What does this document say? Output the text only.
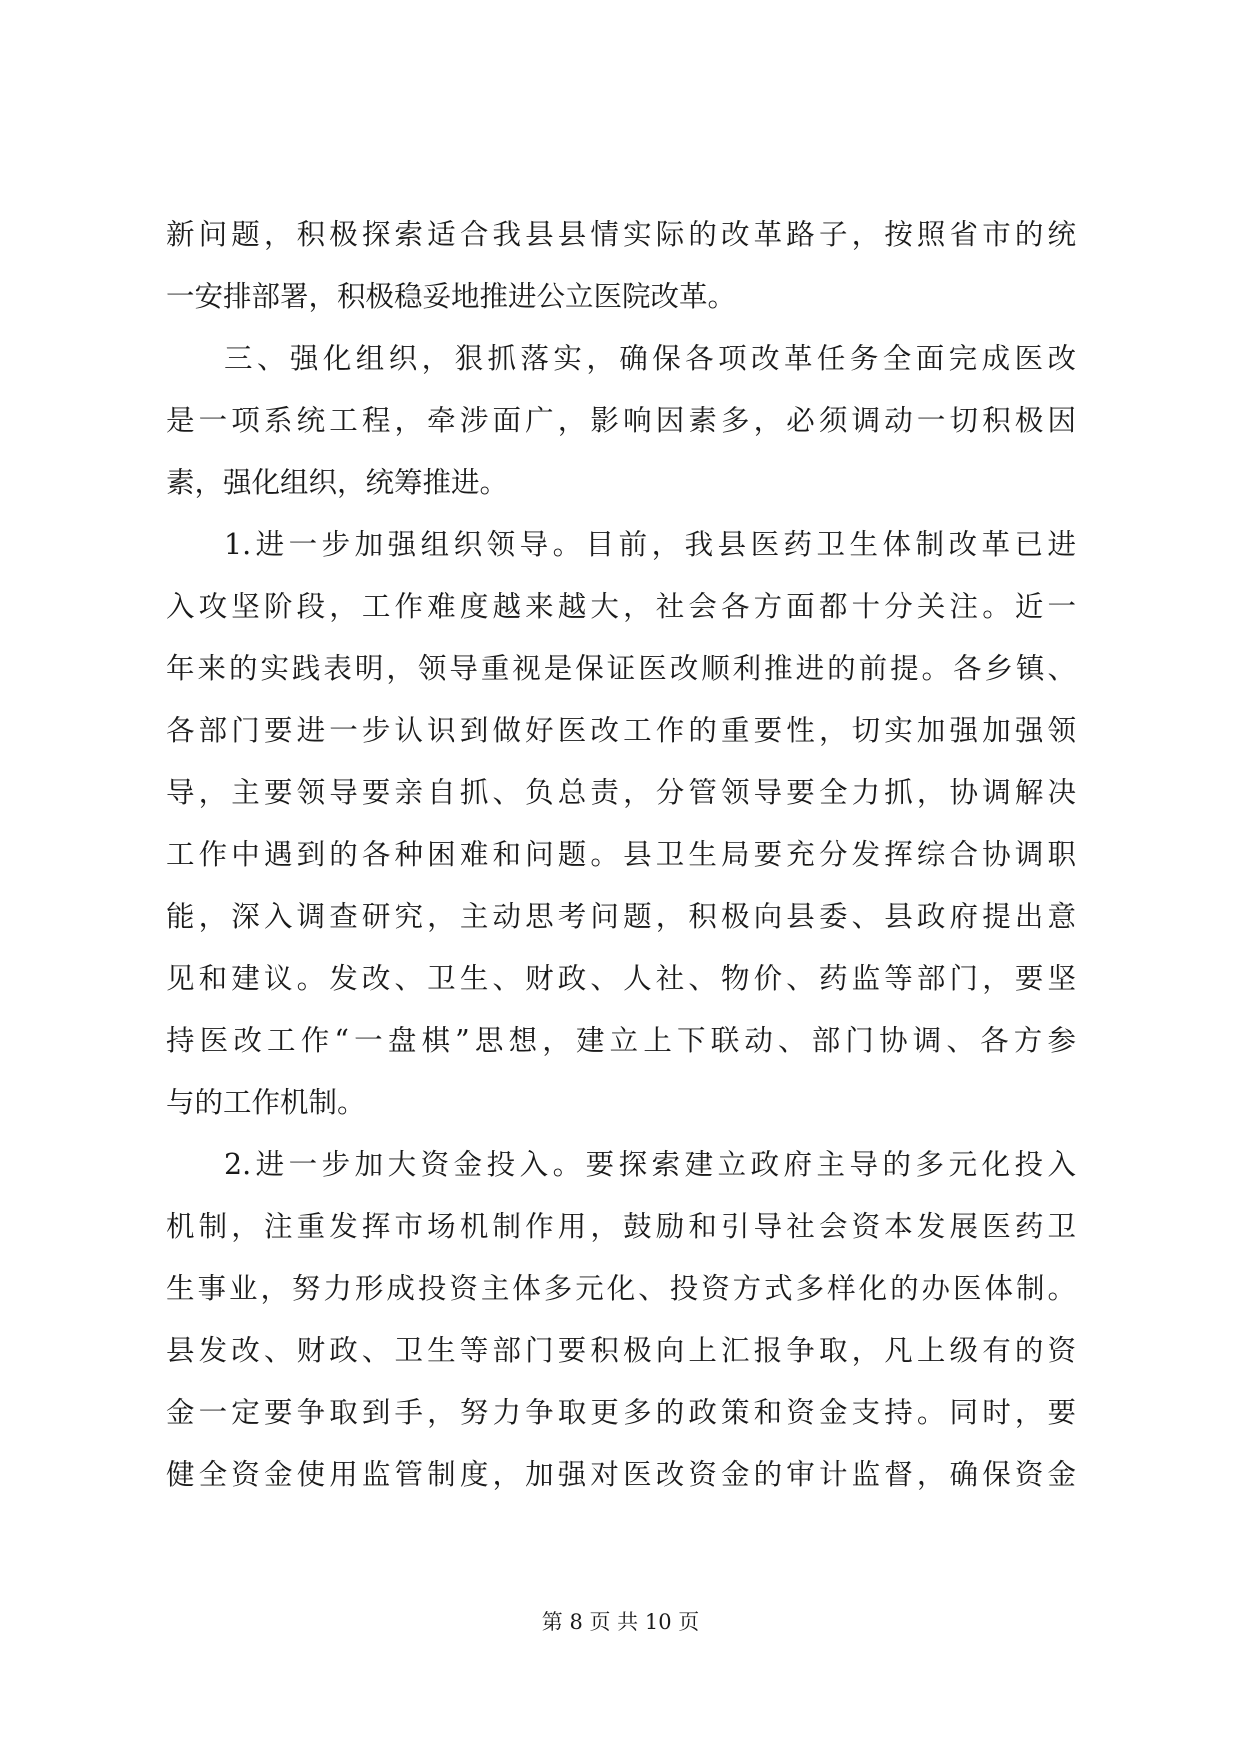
新问题，积极探索适合我县县情实际的改革路子，按照省市的统
一安排部署，积极稳妥地推进公立医院改革。
三、强化组织，狠抓落实，确保各项改革任务全面完成医改
是一项系统工程，牵涉面广，影响因素多，必须调动一切积极因
素，强化组织，统筹推进。
1.进一步加强组织领导。目前，我县医药卫生体制改革已进
入攻坚阶段，工作难度越来越大，社会各方面都十分关注。近一
年来的实践表明，领导重视是保证医改顺利推进的前提。各乡镇、
各部门要进一步认识到做好医改工作的重要性，切实加强加强领
导，主要领导要亲自抓、负总责，分管领导要全力抓，协调解决
工作中遇到的各种困难和问题。县卫生局要充分发挥综合协调职
能，深入调查研究，主动思考问题，积极向县委、县政府提出意
见和建议。发改、卫生、财政、人社、物价、药监等部门，要坚
持医改工作“一盘棋”思想，建立上下联动、部门协调、各方参
与的工作机制。
2.进一步加大资金投入。要探索建立政府主导的多元化投入
机制，注重发挥市场机制作用，鼓励和引导社会资本发展医药卫
生事业，努力形成投资主体多元化、投资方式多样化的办医体制。
县发改、财政、卫生等部门要积极向上汇报争取，凡上级有的资
金一定要争取到手，努力争取更多的政策和资金支持。同时，要
健全资金使用监管制度，加强对医改资金的审计监督，确保资金
第 8 页 共 10 页
